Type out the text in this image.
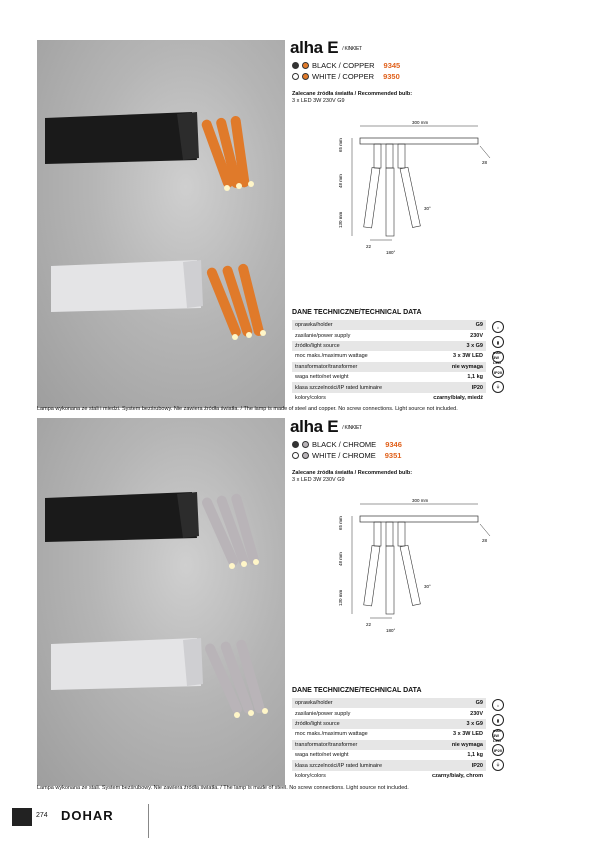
alha E / KINKIET
BLACK / COPPER 9345
WHITE / COPPER 9350
Zalecane źródła światła / Recommended bulb:
3 x LED 3W 230V G9
300 mm
65 mm
48 mm
130 mm
28
22
180°
30°
DANE TECHNICZNE/TECHNICAL DATA
oprawka/holder	G9
zasilanie/power supply	230V
źródło/light source	3 x G9
moc maks./maximum wattage	3 x 3W LED
transformator/transformer	nie wymaga
waga netto/net weight	1,1 kg
klasa szczelności/IP rated luminaire	IP20
kolory/colors	czarny/biały, miedź
⌂
▮
max 3W LED
IP20
⏚
Lampa wykonana ze stali i miedzi. System bezśrubowy. Nie zawiera źródła światła. / The lamp is made of steel and copper. No screw connections. Light source not included.
alha E / KINKIET
BLACK / CHROME 9346
WHITE / CHROME 9351
Zalecane źródła światła / Recommended bulb:
3 x LED 3W 230V G9
300 mm
65 mm
48 mm
130 mm
28
22
180°
30°
DANE TECHNICZNE/TECHNICAL DATA
oprawka/holder	G9
zasilanie/power supply	230V
źródło/light source	3 x G9
moc maks./maximum wattage	3 x 3W LED
transformator/transformer	nie wymaga
waga netto/net weight	1,1 kg
klasa szczelności/IP rated luminaire	IP20
kolory/colors	czarny/biały, chrom
⌂
▮
max 3W LED
IP20
⏚
Lampa wykonana ze stali. System bezśrubowy. Nie zawiera źródła światła. / The lamp is made of steel. No screw connections. Light source not included.
274 DOHAR
